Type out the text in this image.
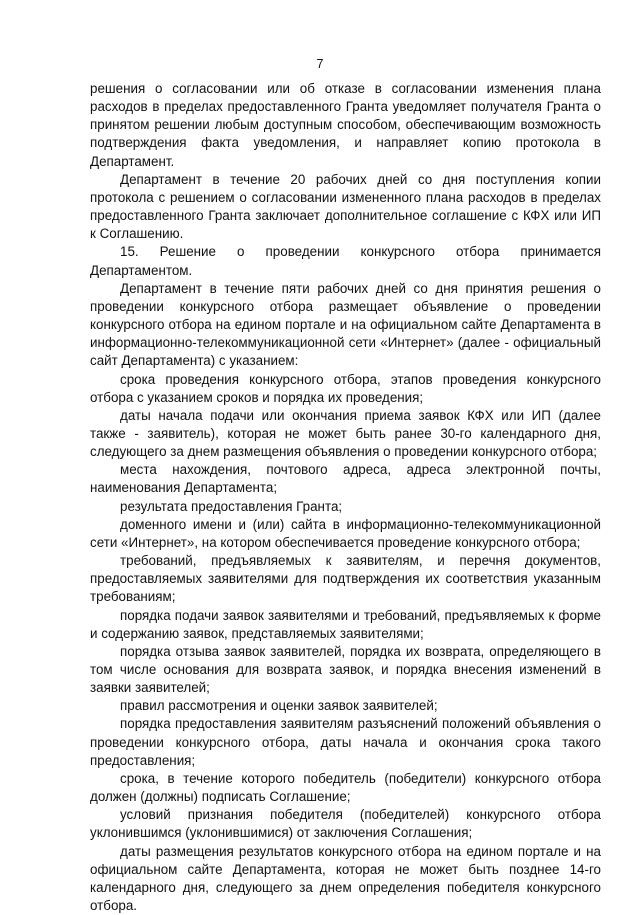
7

решения о согласовании или об отказе в согласовании изменения плана расходов в пределах предоставленного Гранта уведомляет получателя Гранта о принятом решении любым доступным способом, обеспечивающим возможность подтверждения факта уведомления, и направляет копию протокола в Департамент.

Департамент в течение 20 рабочих дней со дня поступления копии протокола с решением о согласовании измененного плана расходов в пределах предоставленного Гранта заключает дополнительное соглашение с КФХ или ИП к Соглашению.

15. Решение о проведении конкурсного отбора принимается Департаментом.

Департамент в течение пяти рабочих дней со дня принятия решения о проведении конкурсного отбора размещает объявление о проведении конкурсного отбора на едином портале и на официальном сайте Департамента в информационно-телекоммуникационной сети «Интернет» (далее - официальный сайт Департамента) с указанием:

срока проведения конкурсного отбора, этапов проведения конкурсного отбора с указанием сроков и порядка их проведения;

даты начала подачи или окончания приема заявок КФХ или ИП (далее также - заявитель), которая не может быть ранее 30-го календарного дня, следующего за днем размещения объявления о проведении конкурсного отбора;

места нахождения, почтового адреса, адреса электронной почты, наименования Департамента;

результата предоставления Гранта;

доменного имени и (или) сайта в информационно-телекоммуникационной сети «Интернет», на котором обеспечивается проведение конкурсного отбора;

требований, предъявляемых к заявителям, и перечня документов, предоставляемых заявителями для подтверждения их соответствия указанным требованиям;

порядка подачи заявок заявителями и требований, предъявляемых к форме и содержанию заявок, представляемых заявителями;

порядка отзыва заявок заявителей, порядка их возврата, определяющего в том числе основания для возврата заявок, и порядка внесения изменений в заявки заявителей;

правил рассмотрения и оценки заявок заявителей;

порядка предоставления заявителям разъяснений положений объявления о проведении конкурсного отбора, даты начала и окончания срока такого предоставления;

срока, в течение которого победитель (победители) конкурсного отбора должен (должны) подписать Соглашение;

условий признания победителя (победителей) конкурсного отбора уклонившимся (уклонившимися) от заключения Соглашения;

даты размещения результатов конкурсного отбора на едином портале и на официальном сайте Департамента, которая не может быть позднее 14-го календарного дня, следующего за днем определения победителя конкурсного отбора.
